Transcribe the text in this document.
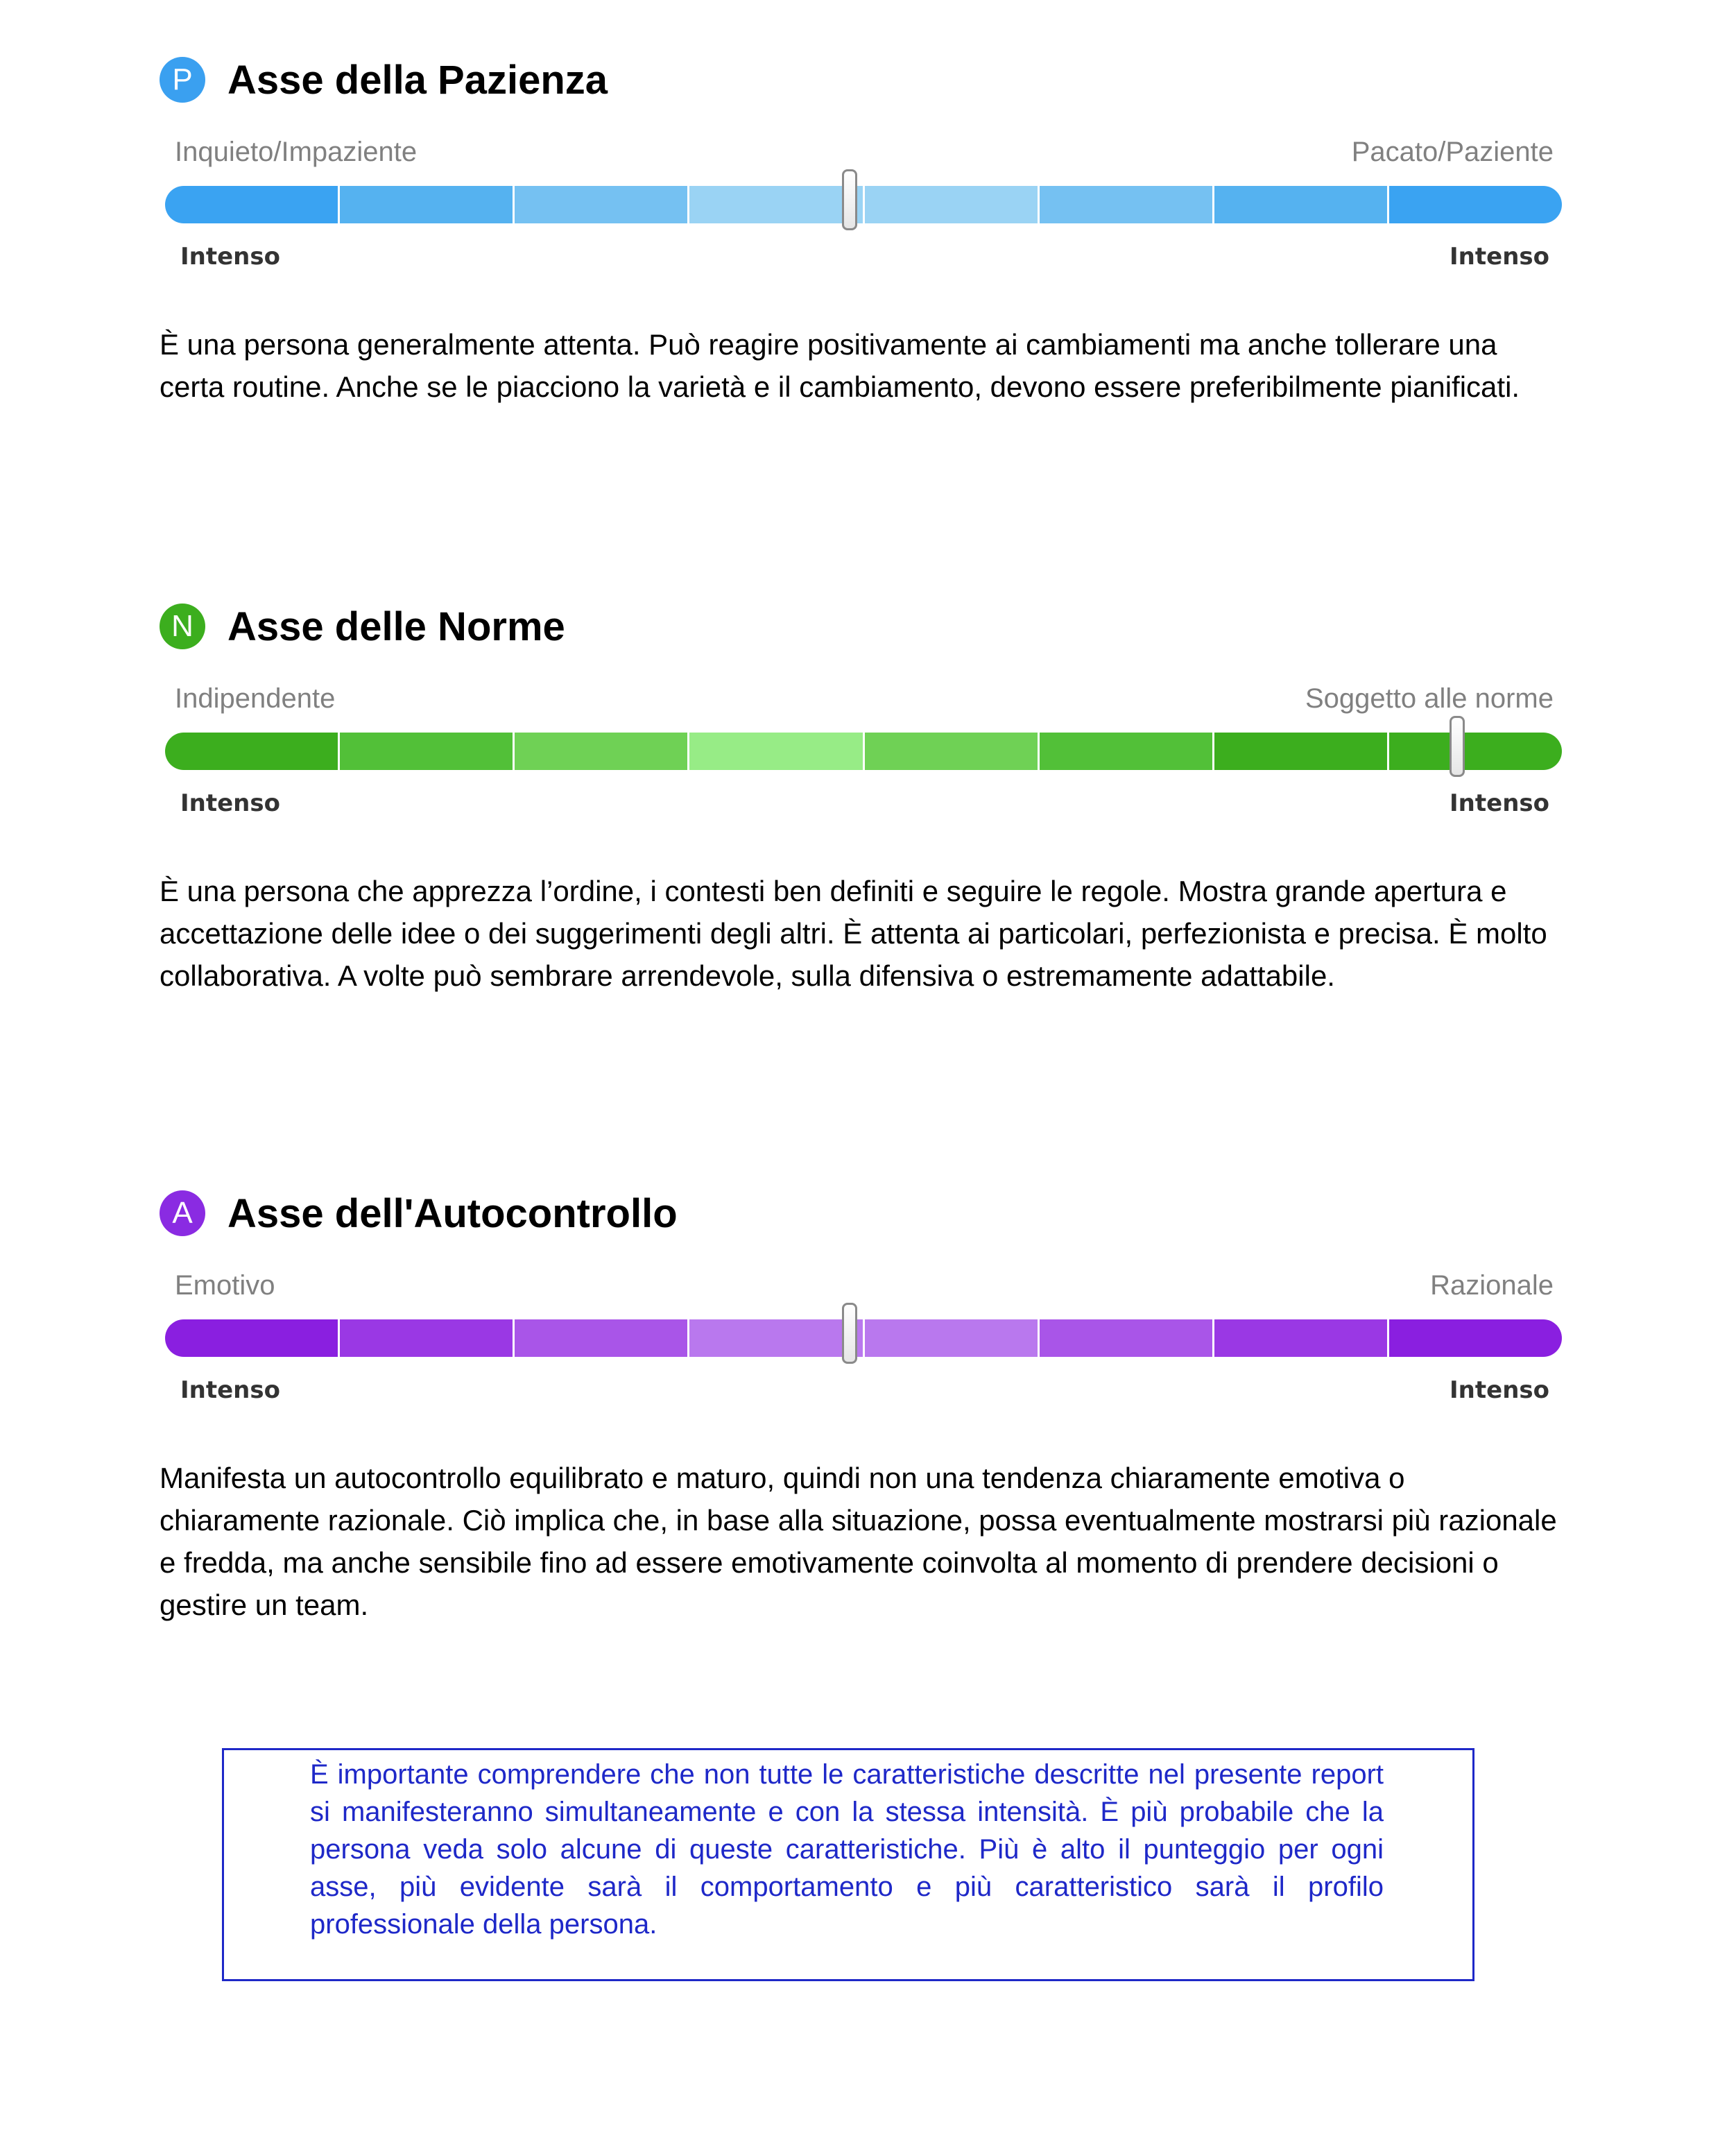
P Asse della Pazienza
Inquieto/Impaziente	Pacato/Paziente
Intenso	Intenso

È una persona generalmente attenta. Può reagire positivamente ai cambiamenti ma anche tollerare una certa routine. Anche se le piacciono la varietà e il cambiamento, devono essere preferibilmente pianificati.

N Asse delle Norme
Indipendente	Soggetto alle norme
Intenso	Intenso

È una persona che apprezza l’ordine, i contesti ben definiti e seguire le regole. Mostra grande apertura e accettazione delle idee o dei suggerimenti degli altri. È attenta ai particolari, perfezionista e precisa. È molto collaborativa. A volte può sembrare arrendevole, sulla difensiva o estremamente adattabile.

A Asse dell'Autocontrollo
Emotivo	Razionale
Intenso	Intenso

Manifesta un autocontrollo equilibrato e maturo, quindi non una tendenza chiaramente emotiva o chiaramente razionale. Ciò implica che, in base alla situazione, possa eventualmente mostrarsi più razionale e fredda, ma anche sensibile fino ad essere emotivamente coinvolta al momento di prendere decisioni o gestire un team.

È importante comprendere che non tutte le caratteristiche descritte nel presente report si manifesteranno simultaneamente e con la stessa intensità. È più probabile che la persona veda solo alcune di queste caratteristiche. Più è alto il punteggio per ogni asse, più evidente sarà il comportamento e più caratteristico sarà il profilo professionale della persona.
